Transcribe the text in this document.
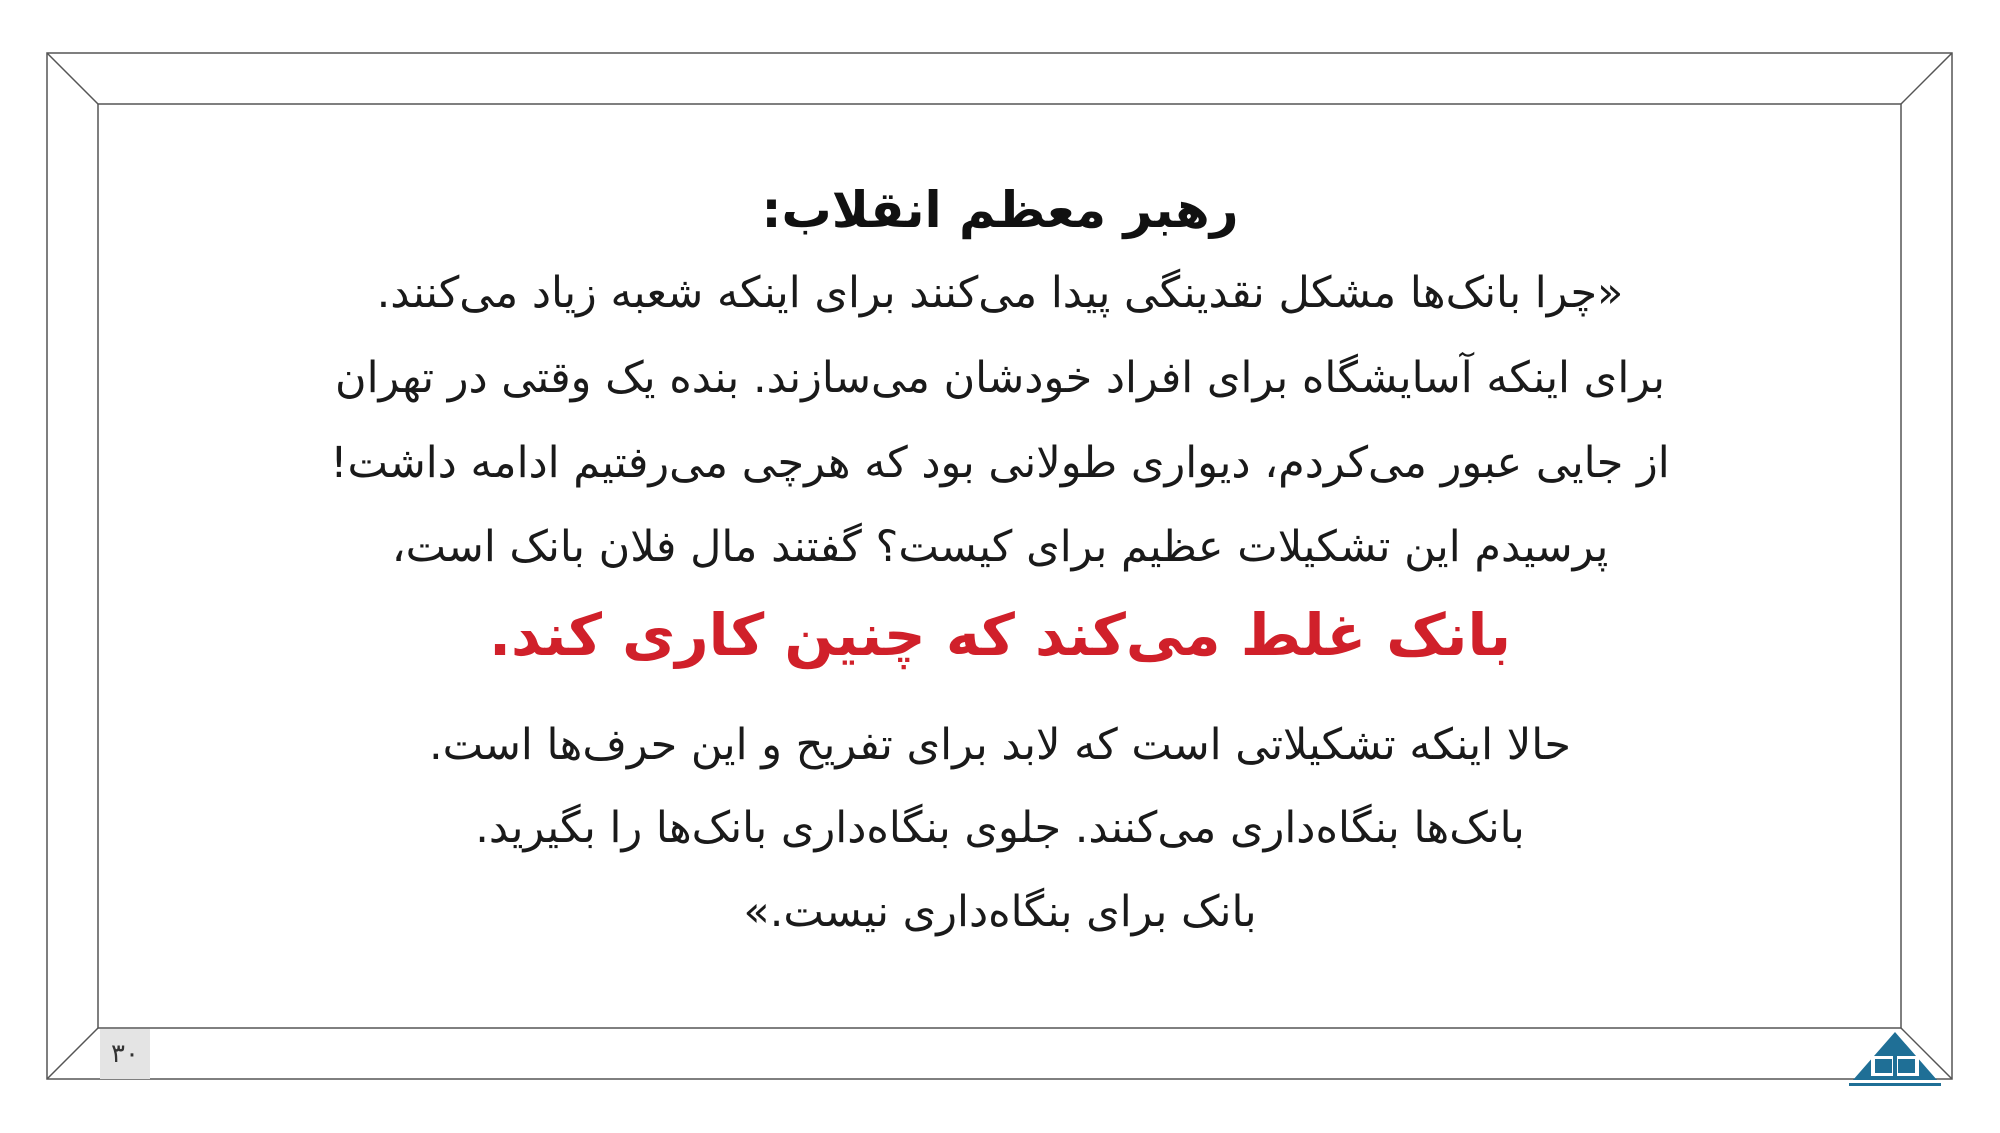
رهبر معظم انقلاب:
«چرا بانک‌ها مشکل نقدینگی پیدا می‌کنند برای اینکه شعبه زیاد می‌کنند.
برای اینکه آسایشگاه برای افراد خودشان می‌سازند. بنده یک وقتی در تهران
از جایی عبور می‌کردم، دیواری طولانی بود که هرچی می‌رفتیم ادامه داشت!
پرسیدم این تشکیلات عظیم برای کیست؟ گفتند مال فلان بانک است،
بانک غلط می‌کند که چنین کاری کند.
حالا اینکه تشکیلاتی است که لابد برای تفریح و این حرف‌ها است.
بانک‌ها بنگاه‌داری می‌کنند. جلوی بنگاه‌داری بانک‌ها را بگیرید.
بانک برای بنگاه‌داری نیست.»
۳۰
